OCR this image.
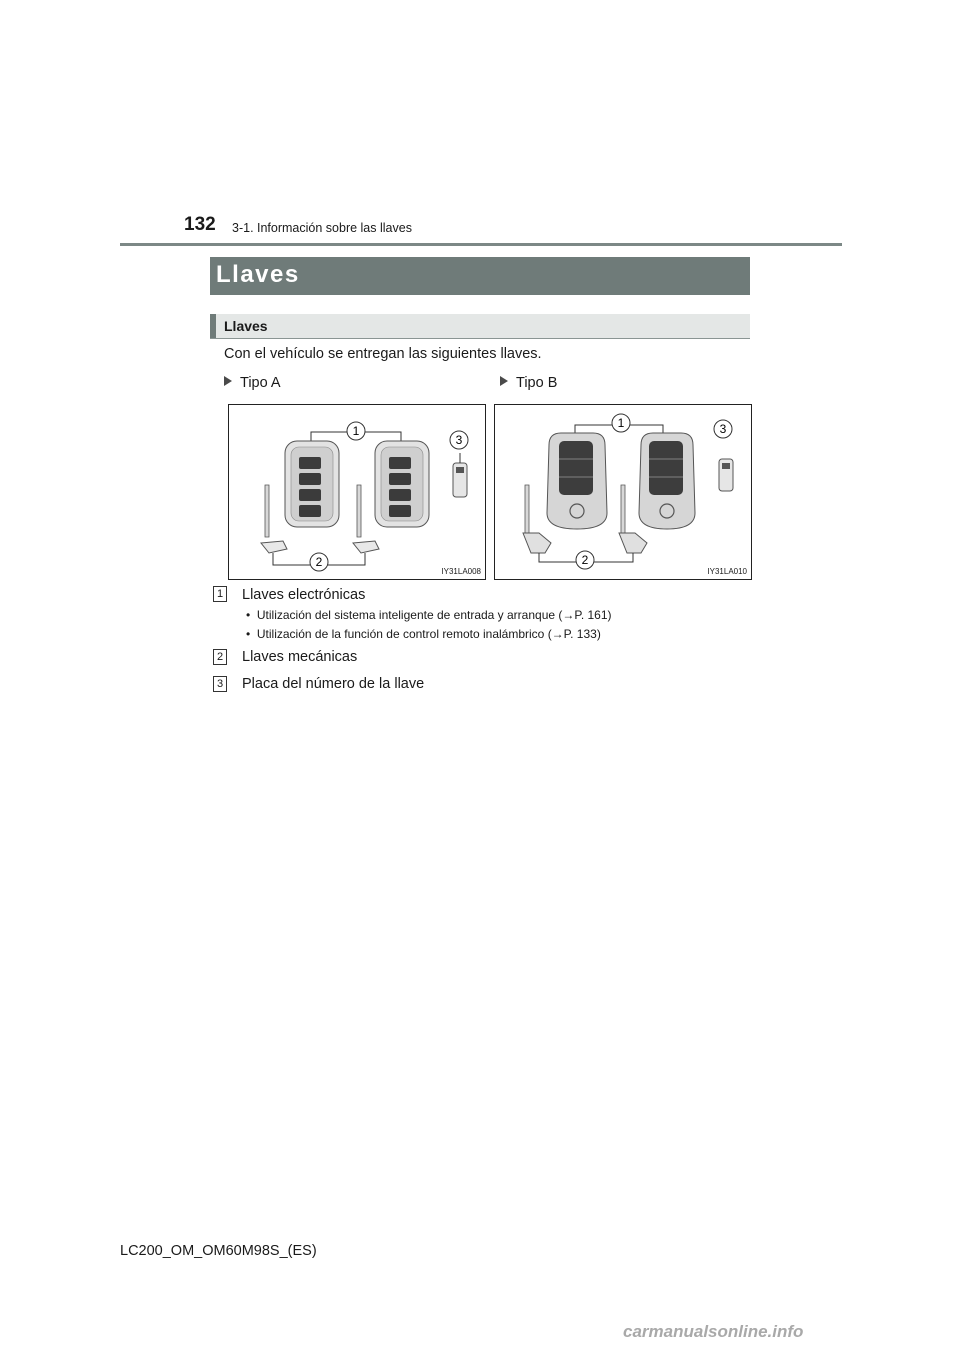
132 3-1. Información sobre las llaves
Llaves
Llaves
Con el vehículo se entregan las siguientes llaves.
Tipo A	Tipo B
1
2
3
IY31LA008
1
2
3
IY31LA010
1 Llaves electrónicas
•  Utilización del sistema inteligente de entrada y arranque (→P. 161)
•  Utilización de la función de control remoto inalámbrico (→P. 133)
2 Llaves mecánicas
3 Placa del número de la llave
LC200_OM_OM60M98S_(ES)
carmanualsonline.info
